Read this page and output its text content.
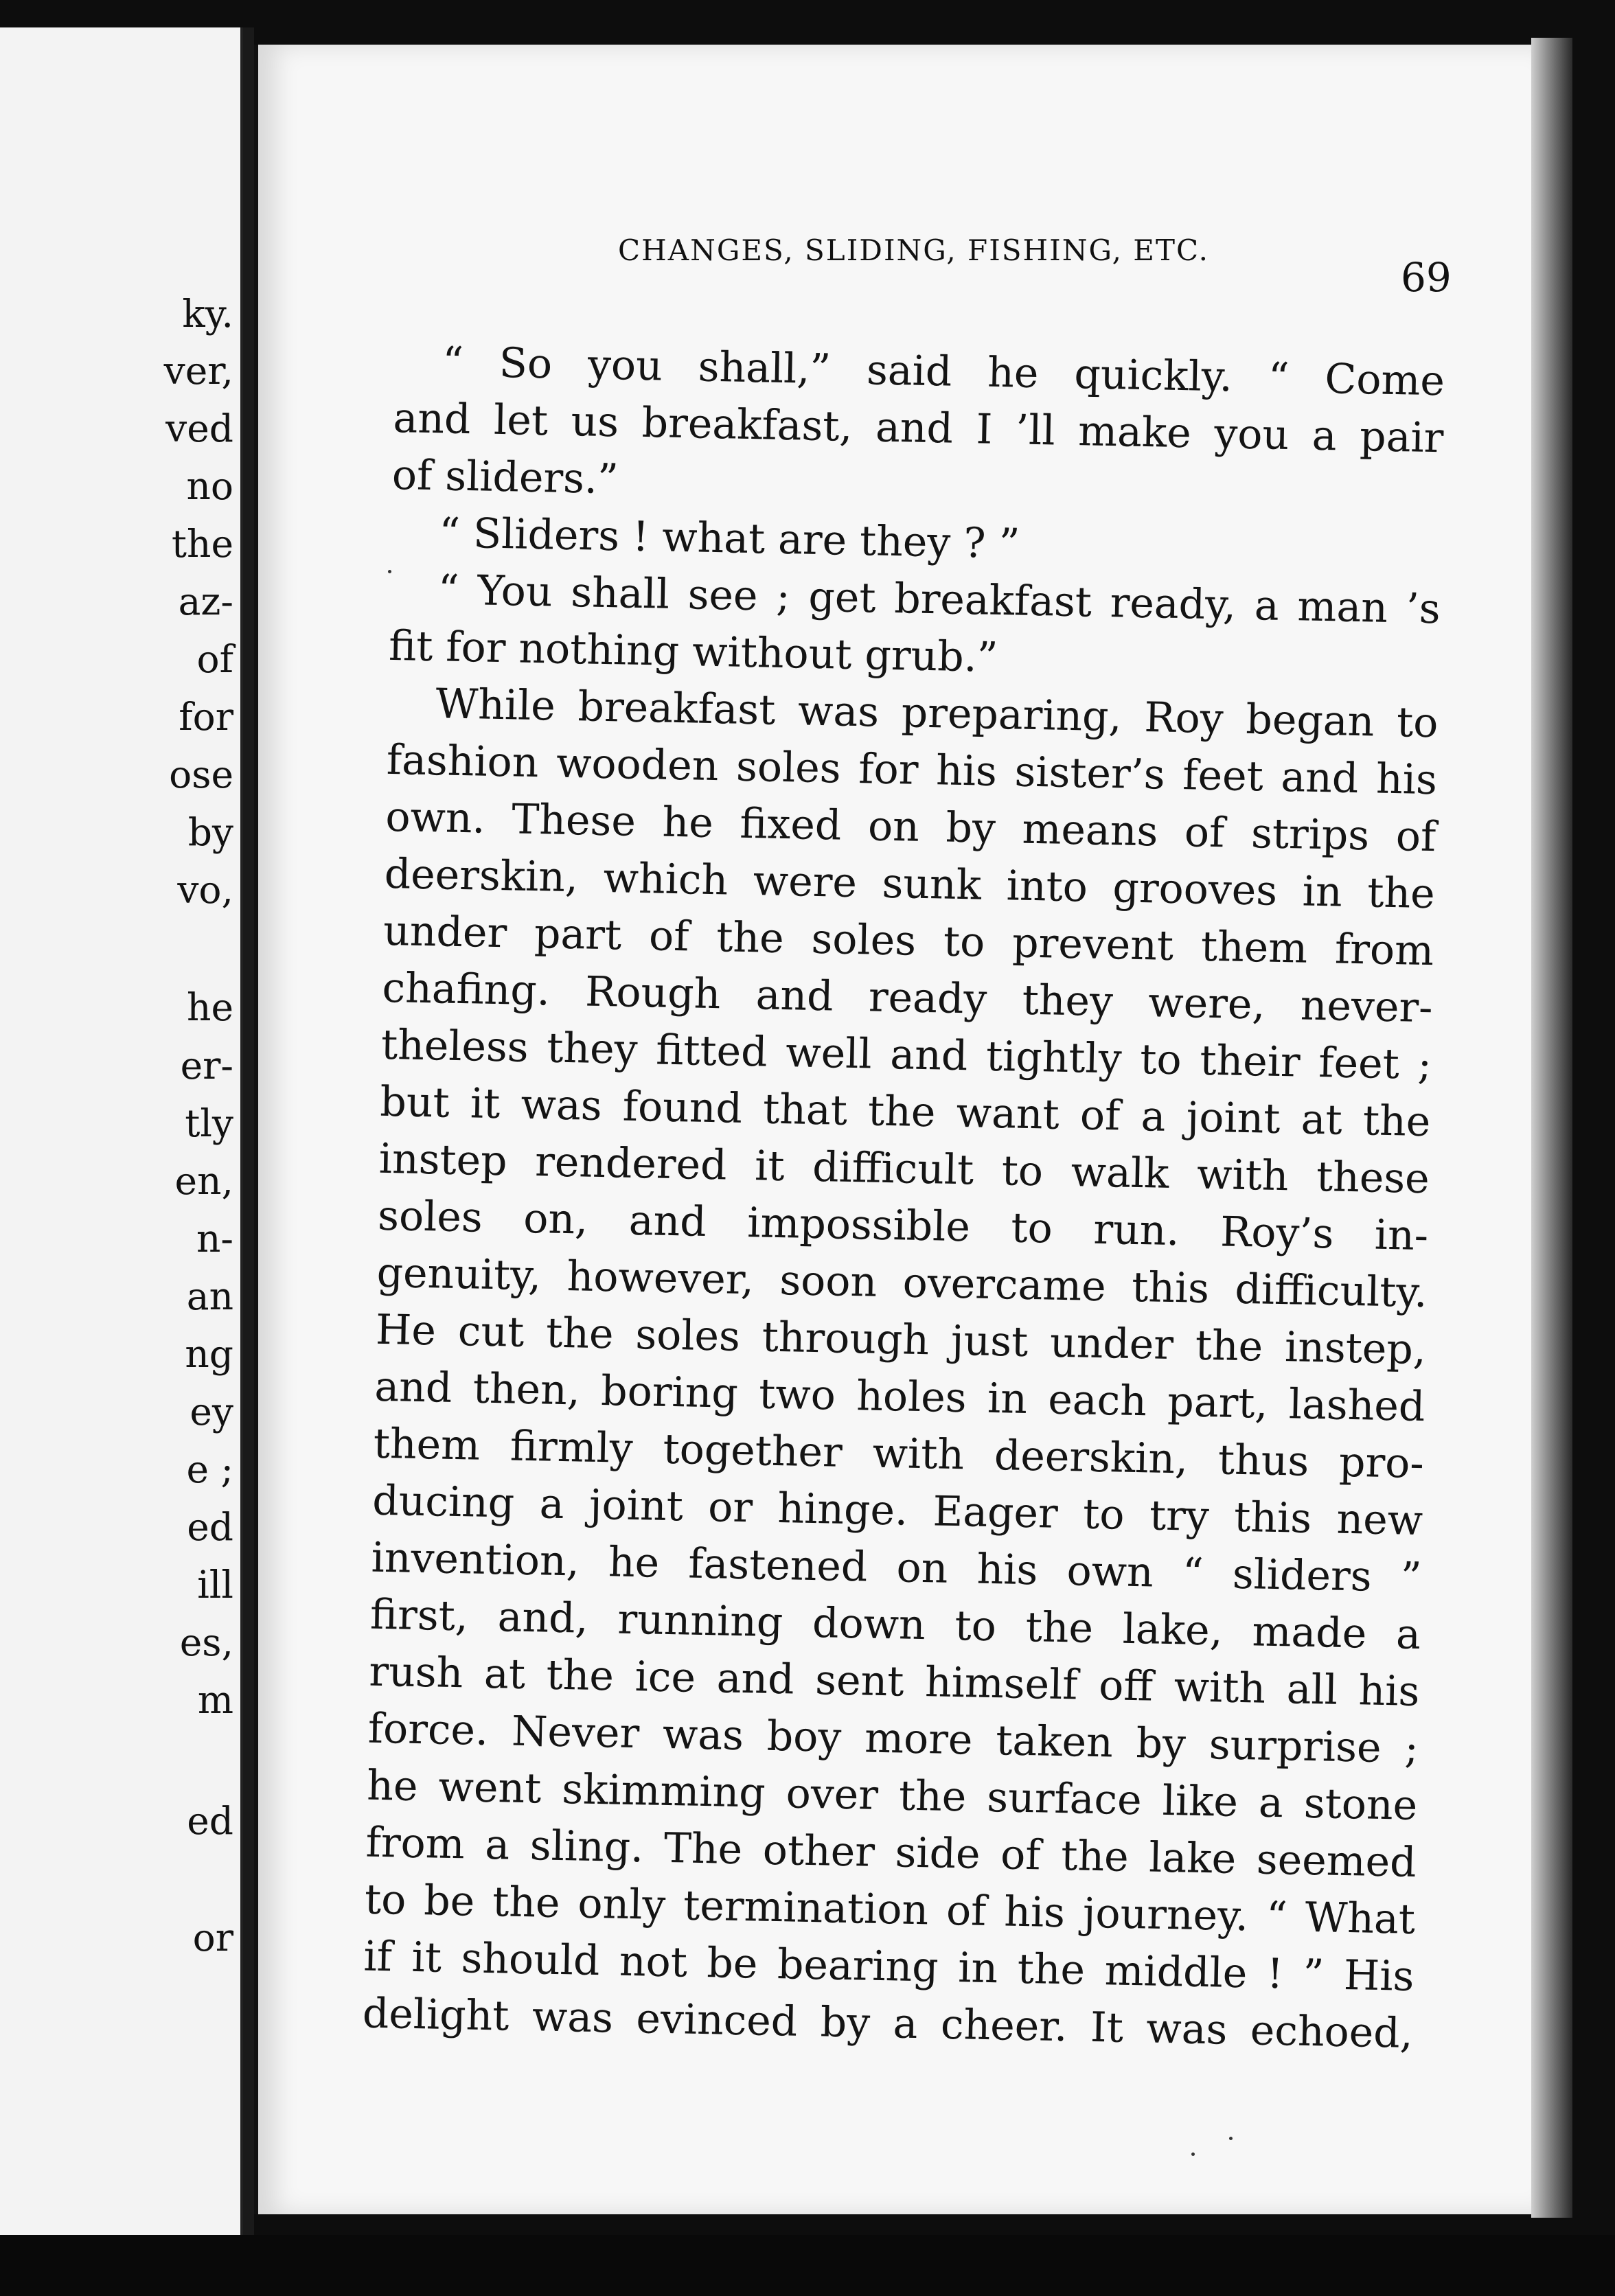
ky.
ver,
ved
no
the
az-
of
for
ose
by
vo,
he
er-
tly
en,
n-
an
ng
ey
e ;
ed
ill
es,
m
ed
or
CHANGES, SLIDING, FISHING, ETC.
69
“ So you shall,” said he quickly. “ Come
and let us breakfast, and I ’ll make you a pair
of sliders.”
“ Sliders ! what are they ? ”
“ You shall see ; get breakfast ready, a man ’s
fit for nothing without grub.”
While breakfast was preparing, Roy began to
fashion wooden soles for his sister’s feet and his
own. These he fixed on by means of strips of
deerskin, which were sunk into grooves in the
under part of the soles to prevent them from
chafing. Rough and ready they were, never-
theless they fitted well and tightly to their feet ;
but it was found that the want of a joint at the
instep rendered it difficult to walk with these
soles on, and impossible to run. Roy’s in-
genuity, however, soon overcame this difficulty.
He cut the soles through just under the instep,
and then, boring two holes in each part, lashed
them firmly together with deerskin, thus pro-
ducing a joint or hinge. Eager to try this new
invention, he fastened on his own “ sliders ”
first, and, running down to the lake, made a
rush at the ice and sent himself off with all his
force. Never was boy more taken by surprise ;
he went skimming over the surface like a stone
from a sling. The other side of the lake seemed
to be the only termination of his journey. “ What
if it should not be bearing in the middle ! ” His
delight was evinced by a cheer. It was echoed,
